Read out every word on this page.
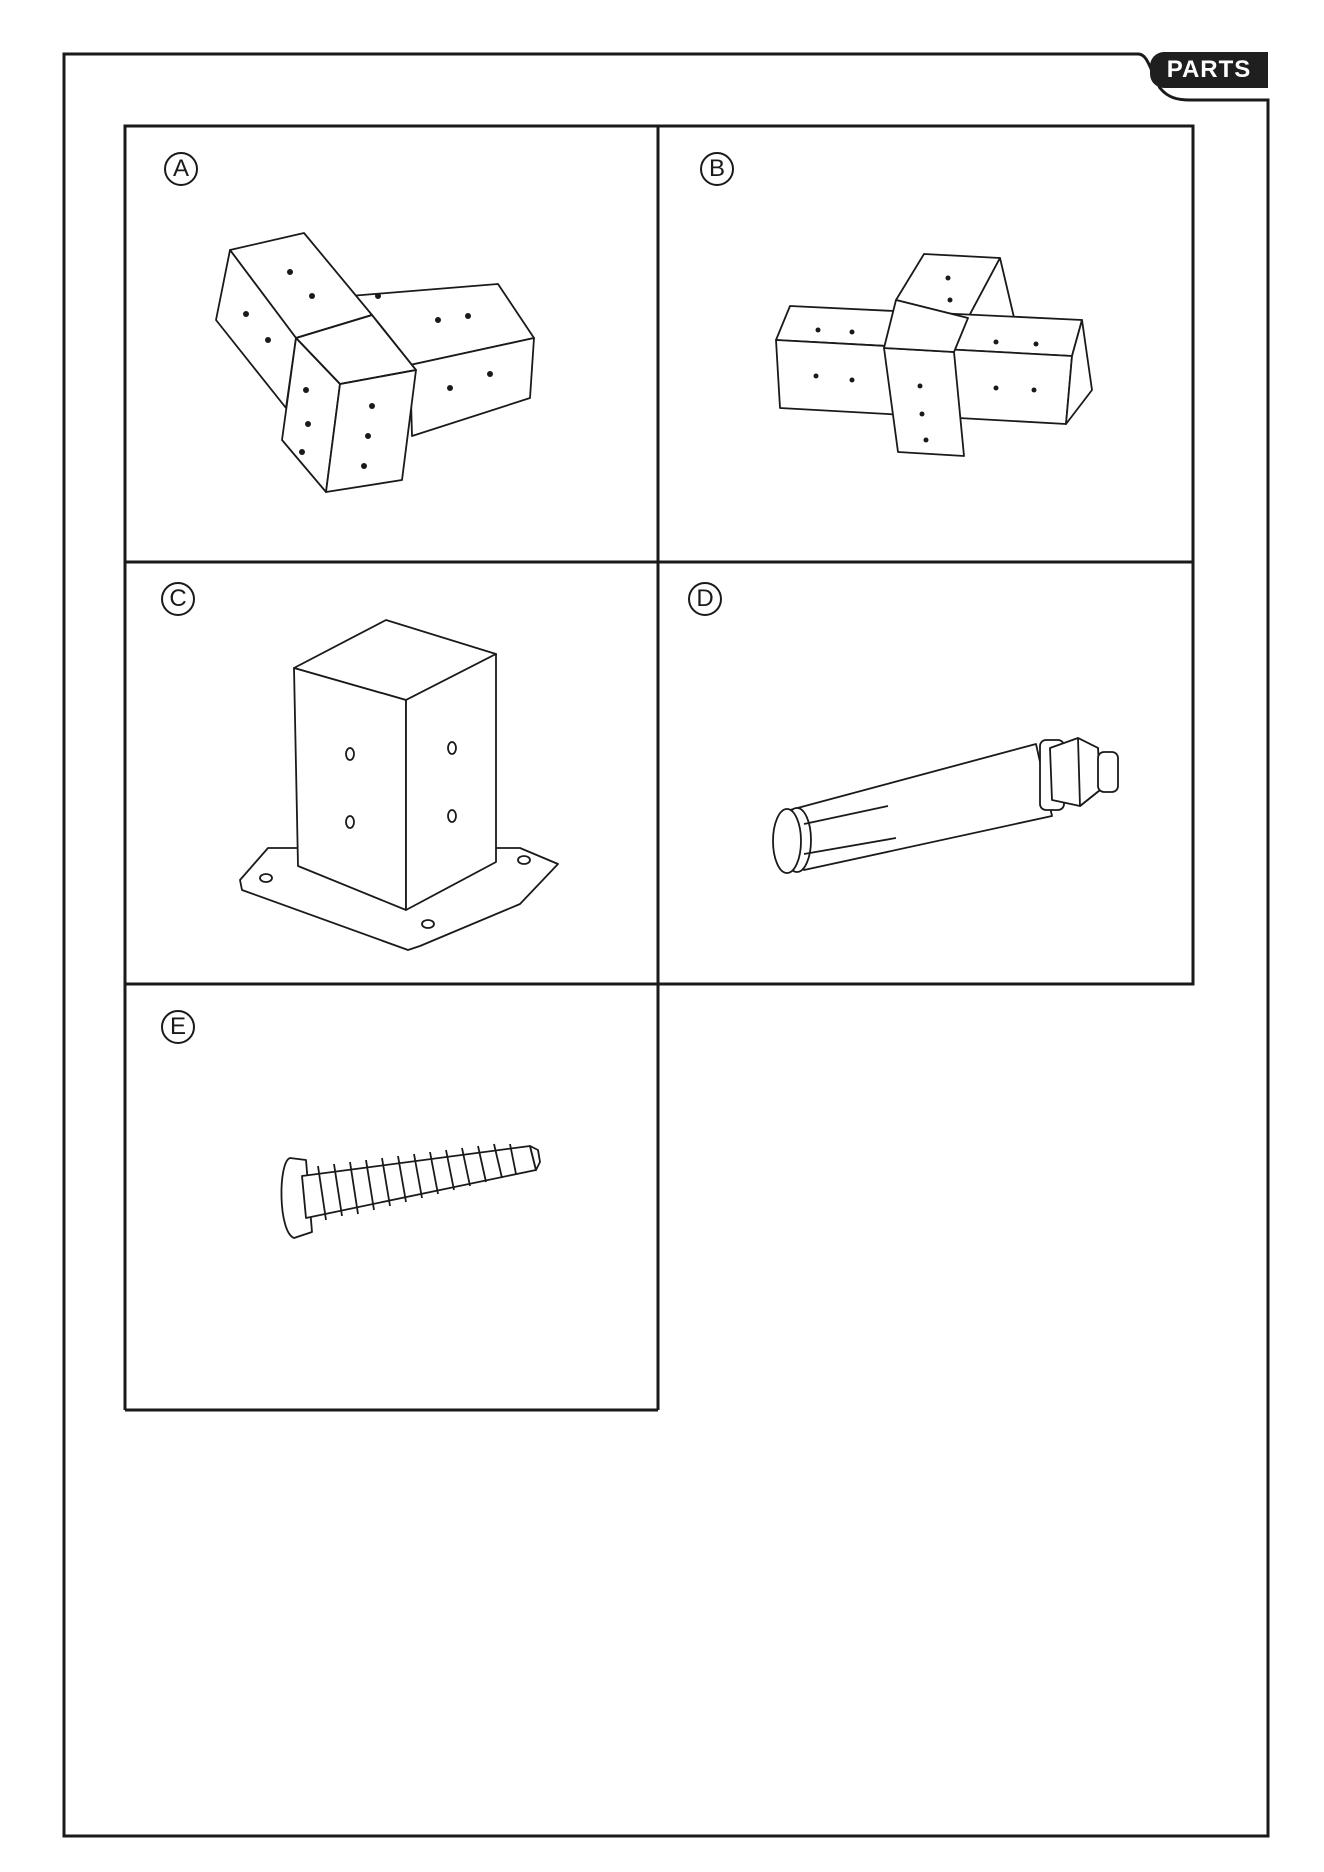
PARTS
A	B
C	D
E
